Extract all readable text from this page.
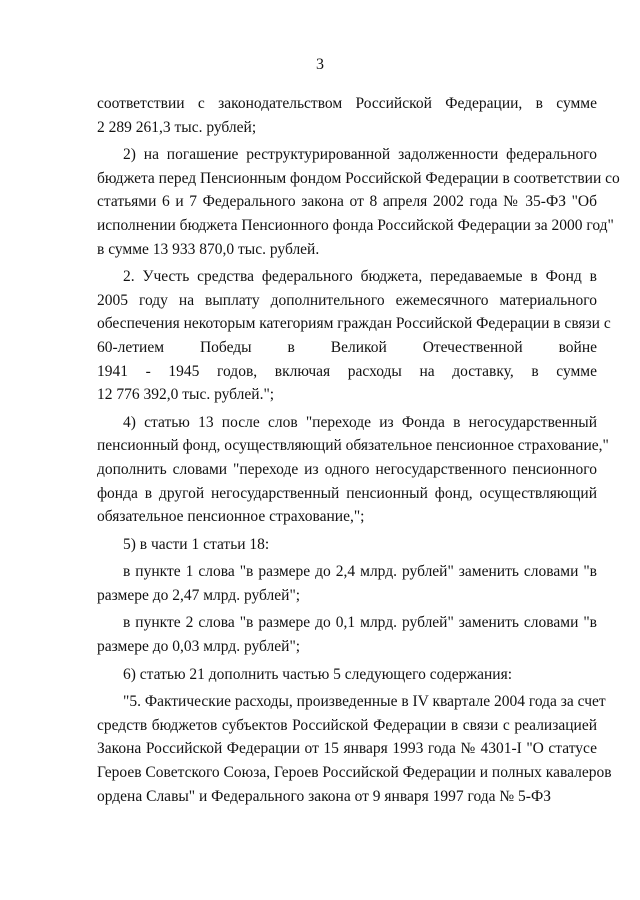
3
соответствии с законодательством Российской Федерации, в сумме
2 289 261,3 тыс. рублей;
2) на погашение реструктурированной задолженности федерального
бюджета перед Пенсионным фондом Российской Федерации в соответствии со
статьями 6 и 7 Федерального закона от 8 апреля 2002 года № 35-ФЗ "Об
исполнении бюджета Пенсионного фонда Российской Федерации за 2000 год"
в сумме 13 933 870,0 тыс. рублей.
2. Учесть средства федерального бюджета, передаваемые в Фонд в
2005 году на выплату дополнительного ежемесячного материального
обеспечения некоторым категориям граждан Российской Федерации в связи с
60-летием Победы в Великой Отечественной войне
1941 - 1945 годов, включая расходы на доставку, в сумме
12 776 392,0 тыс. рублей.";
4) статью 13 после слов "переходе из Фонда в негосударственный
пенсионный фонд, осуществляющий обязательное пенсионное страхование,"
дополнить словами "переходе из одного негосударственного пенсионного
фонда в другой негосударственный пенсионный фонд, осуществляющий
обязательное пенсионное страхование,";
5) в части 1 статьи 18:
в пункте 1 слова "в размере до 2,4 млрд. рублей" заменить словами "в
размере до 2,47 млрд. рублей";
в пункте 2 слова "в размере до 0,1 млрд. рублей" заменить словами "в
размере до 0,03 млрд. рублей";
6) статью 21 дополнить частью 5 следующего содержания:
"5. Фактические расходы, произведенные в IV квартале 2004 года за счет
средств бюджетов субъектов Российской Федерации в связи с реализацией
Закона Российской Федерации от 15 января 1993 года № 4301-I "О статусе
Героев Советского Союза, Героев Российской Федерации и полных кавалеров
ордена Славы" и Федерального закона от 9 января 1997 года № 5-ФЗ
